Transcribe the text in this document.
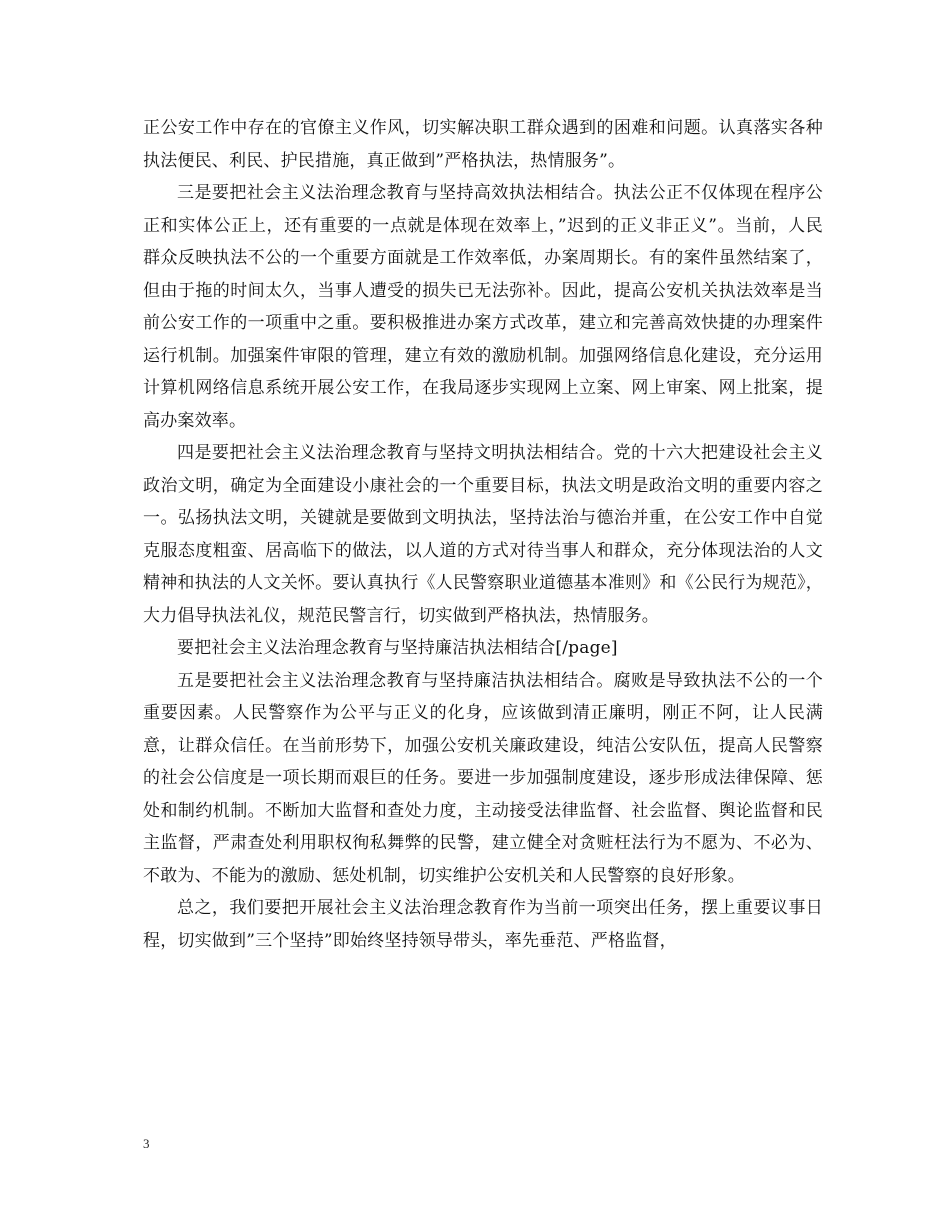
正公安工作中存在的官僚主义作风，切实解决职工群众遇到的困难和问题。认真落实各种执法便民、利民、护民措施，真正做到”严格执法，热情服务”。

三是要把社会主义法治理念教育与坚持高效执法相结合。执法公正不仅体现在程序公正和实体公正上，还有重要的一点就是体现在效率上，”迟到的正义非正义”。当前，人民群众反映执法不公的一个重要方面就是工作效率低，办案周期长。有的案件虽然结案了，但由于拖的时间太久，当事人遭受的损失已无法弥补。因此，提高公安机关执法效率是当前公安工作的一项重中之重。要积极推进办案方式改革，建立和完善高效快捷的办理案件运行机制。加强案件审限的管理，建立有效的激励机制。加强网络信息化建设，充分运用计算机网络信息系统开展公安工作，在我局逐步实现网上立案、网上审案、网上批案，提高办案效率。

四是要把社会主义法治理念教育与坚持文明执法相结合。党的十六大把建设社会主义政治文明，确定为全面建设小康社会的一个重要目标，执法文明是政治文明的重要内容之一。弘扬执法文明，关键就是要做到文明执法，坚持法治与德治并重，在公安工作中自觉克服态度粗蛮、居高临下的做法，以人道的方式对待当事人和群众，充分体现法治的人文精神和执法的人文关怀。要认真执行《人民警察职业道德基本准则》和《公民行为规范》，大力倡导执法礼仪，规范民警言行，切实做到严格执法，热情服务。

要把社会主义法治理念教育与坚持廉洁执法相结合[/page]

五是要把社会主义法治理念教育与坚持廉洁执法相结合。腐败是导致执法不公的一个重要因素。人民警察作为公平与正义的化身，应该做到清正廉明，刚正不阿，让人民满意，让群众信任。在当前形势下，加强公安机关廉政建设，纯洁公安队伍，提高人民警察的社会公信度是一项长期而艰巨的任务。要进一步加强制度建设，逐步形成法律保障、惩处和制约机制。不断加大监督和查处力度，主动接受法律监督、社会监督、舆论监督和民主监督，严肃查处利用职权徇私舞弊的民警，建立健全对贪赃枉法行为不愿为、不必为、不敢为、不能为的激励、惩处机制，切实维护公安机关和人民警察的良好形象。

总之，我们要把开展社会主义法治理念教育作为当前一项突出任务，摆上重要议事日程，切实做到”三个坚持”即始终坚持领导带头，率先垂范、严格监督，

3
